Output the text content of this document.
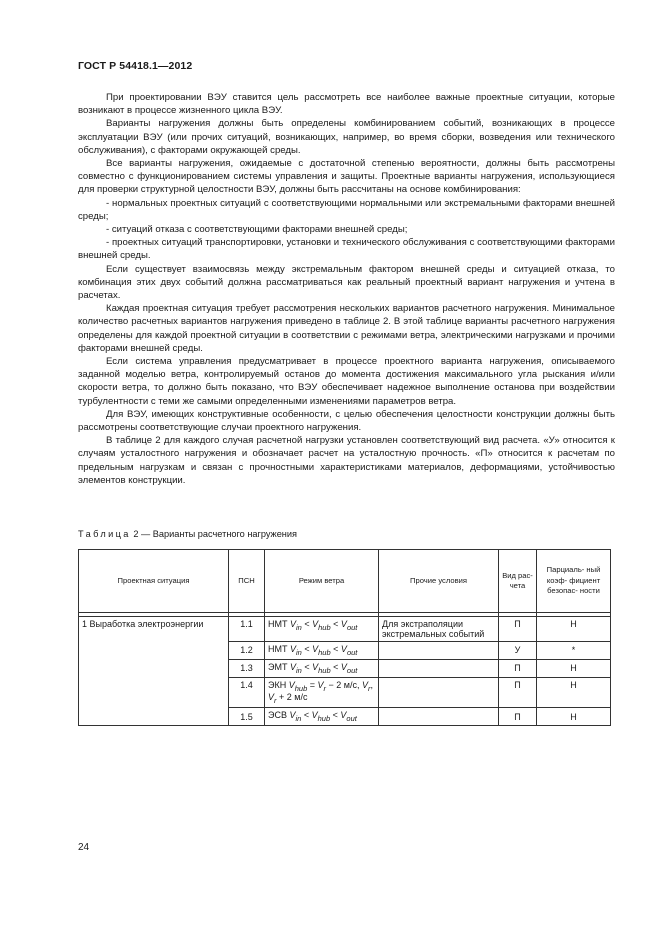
ГОСТ Р 54418.1—2012

При проектировании ВЭУ ставится цель рассмотреть все наиболее важные проектные ситуации, которые возникают в процессе жизненного цикла ВЭУ.

Варианты нагружения должны быть определены комбинированием событий, возникающих в процессе эксплуатации ВЭУ (или прочих ситуаций, возникающих, например, во время сборки, возведения или технического обслуживания), с факторами окружающей среды.

Все варианты нагружения, ожидаемые с достаточной степенью вероятности, должны быть рассмотрены совместно с функционированием системы управления и защиты. Проектные варианты нагружения, использующиеся для проверки структурной целостности ВЭУ, должны быть рассчитаны на основе комбинирования:

- нормальных проектных ситуаций с соответствующими нормальными или экстремальными факторами внешней среды;

- ситуаций отказа с соответствующими факторами внешней среды;

- проектных ситуаций транспортировки, установки и технического обслуживания с соответствующими факторами внешней среды.

Если существует взаимосвязь между экстремальным фактором внешней среды и ситуацией отказа, то комбинация этих двух событий должна рассматриваться как реальный проектный вариант нагружения и учтена в расчетах.

Каждая проектная ситуация требует рассмотрения нескольких вариантов расчетного нагружения. Минимальное количество расчетных вариантов нагружения приведено в таблице 2. В этой таблице варианты расчетного нагружения определены для каждой проектной ситуации в соответствии с режимами ветра, электрическими нагрузками и прочими факторами внешней среды.

Если система управления предусматривает в процессе проектного варианта нагружения, описываемого заданной моделью ветра, контролируемый останов до момента достижения максимального угла рыскания и/или скорости ветра, то должно быть показано, что ВЭУ обеспечивает надежное выполнение останова при воздействии турбулентности с теми же самыми определенными изменениями параметров ветра.

Для ВЭУ, имеющих конструктивные особенности, с целью обеспечения целостности конструкции должны быть рассмотрены соответствующие случаи проектного нагружения.

В таблице 2 для каждого случая расчетной нагрузки установлен соответствующий вид расчета. «У» относится к случаям усталостного нагружения и обозначает расчет на усталостную прочность. «П» относится к расчетам по предельным нагрузкам и связан с прочностными характеристиками материалов, деформациями, устойчивостью элементов конструкции.

Таблица 2 — Варианты расчетного нагружения
Проектная ситуация	ПСН	Режим ветра	Прочие условия	Вид рас- чета	Парциаль- ный коэф- фициент безопас- ности

1 Выработка электроэнергии	1.1	НМТ $V_{in} < V_{hub} < V_{out}$	Для экстраполяции экстремальных событий	П	Н
	1.2	НМТ $V_{in} < V_{hub} < V_{out}$		У	*
	1.3	ЭМТ $V_{in} < V_{hub} < V_{out}$		П	Н
	1.4	ЭКН $V_{hub} = V_r - 2$ м/с, $V_r$, $V_r + 2$ м/с		П	Н
	1.5	ЭСВ $V_{in} < V_{hub} < V_{out}$		П	Н
24
